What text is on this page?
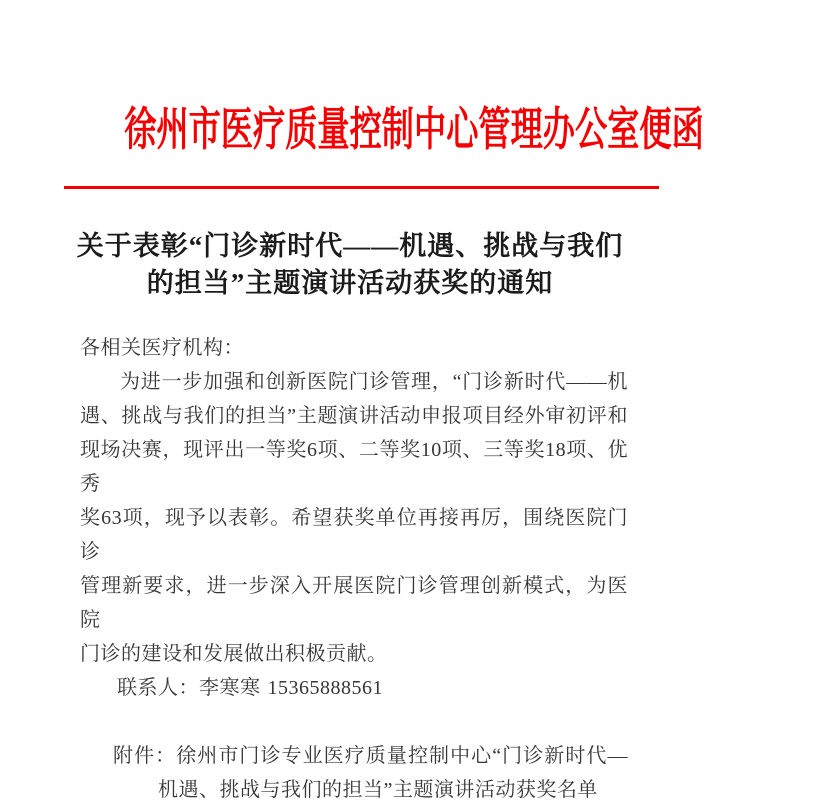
徐州市医疗质量控制中心管理办公室便函
关于表彰“门诊新时代——机遇、挑战与我们
的担当”主题演讲活动获奖的通知
各相关医疗机构：
为进一步加强和创新医院门诊管理，“门诊新时代——机
遇、挑战与我们的担当”主题演讲活动申报项目经外审初评和
现场决赛，现评出一等奖6项、二等奖10项、三等奖18项、优秀
奖63项，现予以表彰。希望获奖单位再接再厉，围绕医院门诊
管理新要求，进一步深入开展医院门诊管理创新模式，为医院
门诊的建设和发展做出积极贡献。
联系人：李寒寒 15365888561
附件：徐州市门诊专业医疗质量控制中心“门诊新时代—
机遇、挑战与我们的担当”主题演讲活动获奖名单
